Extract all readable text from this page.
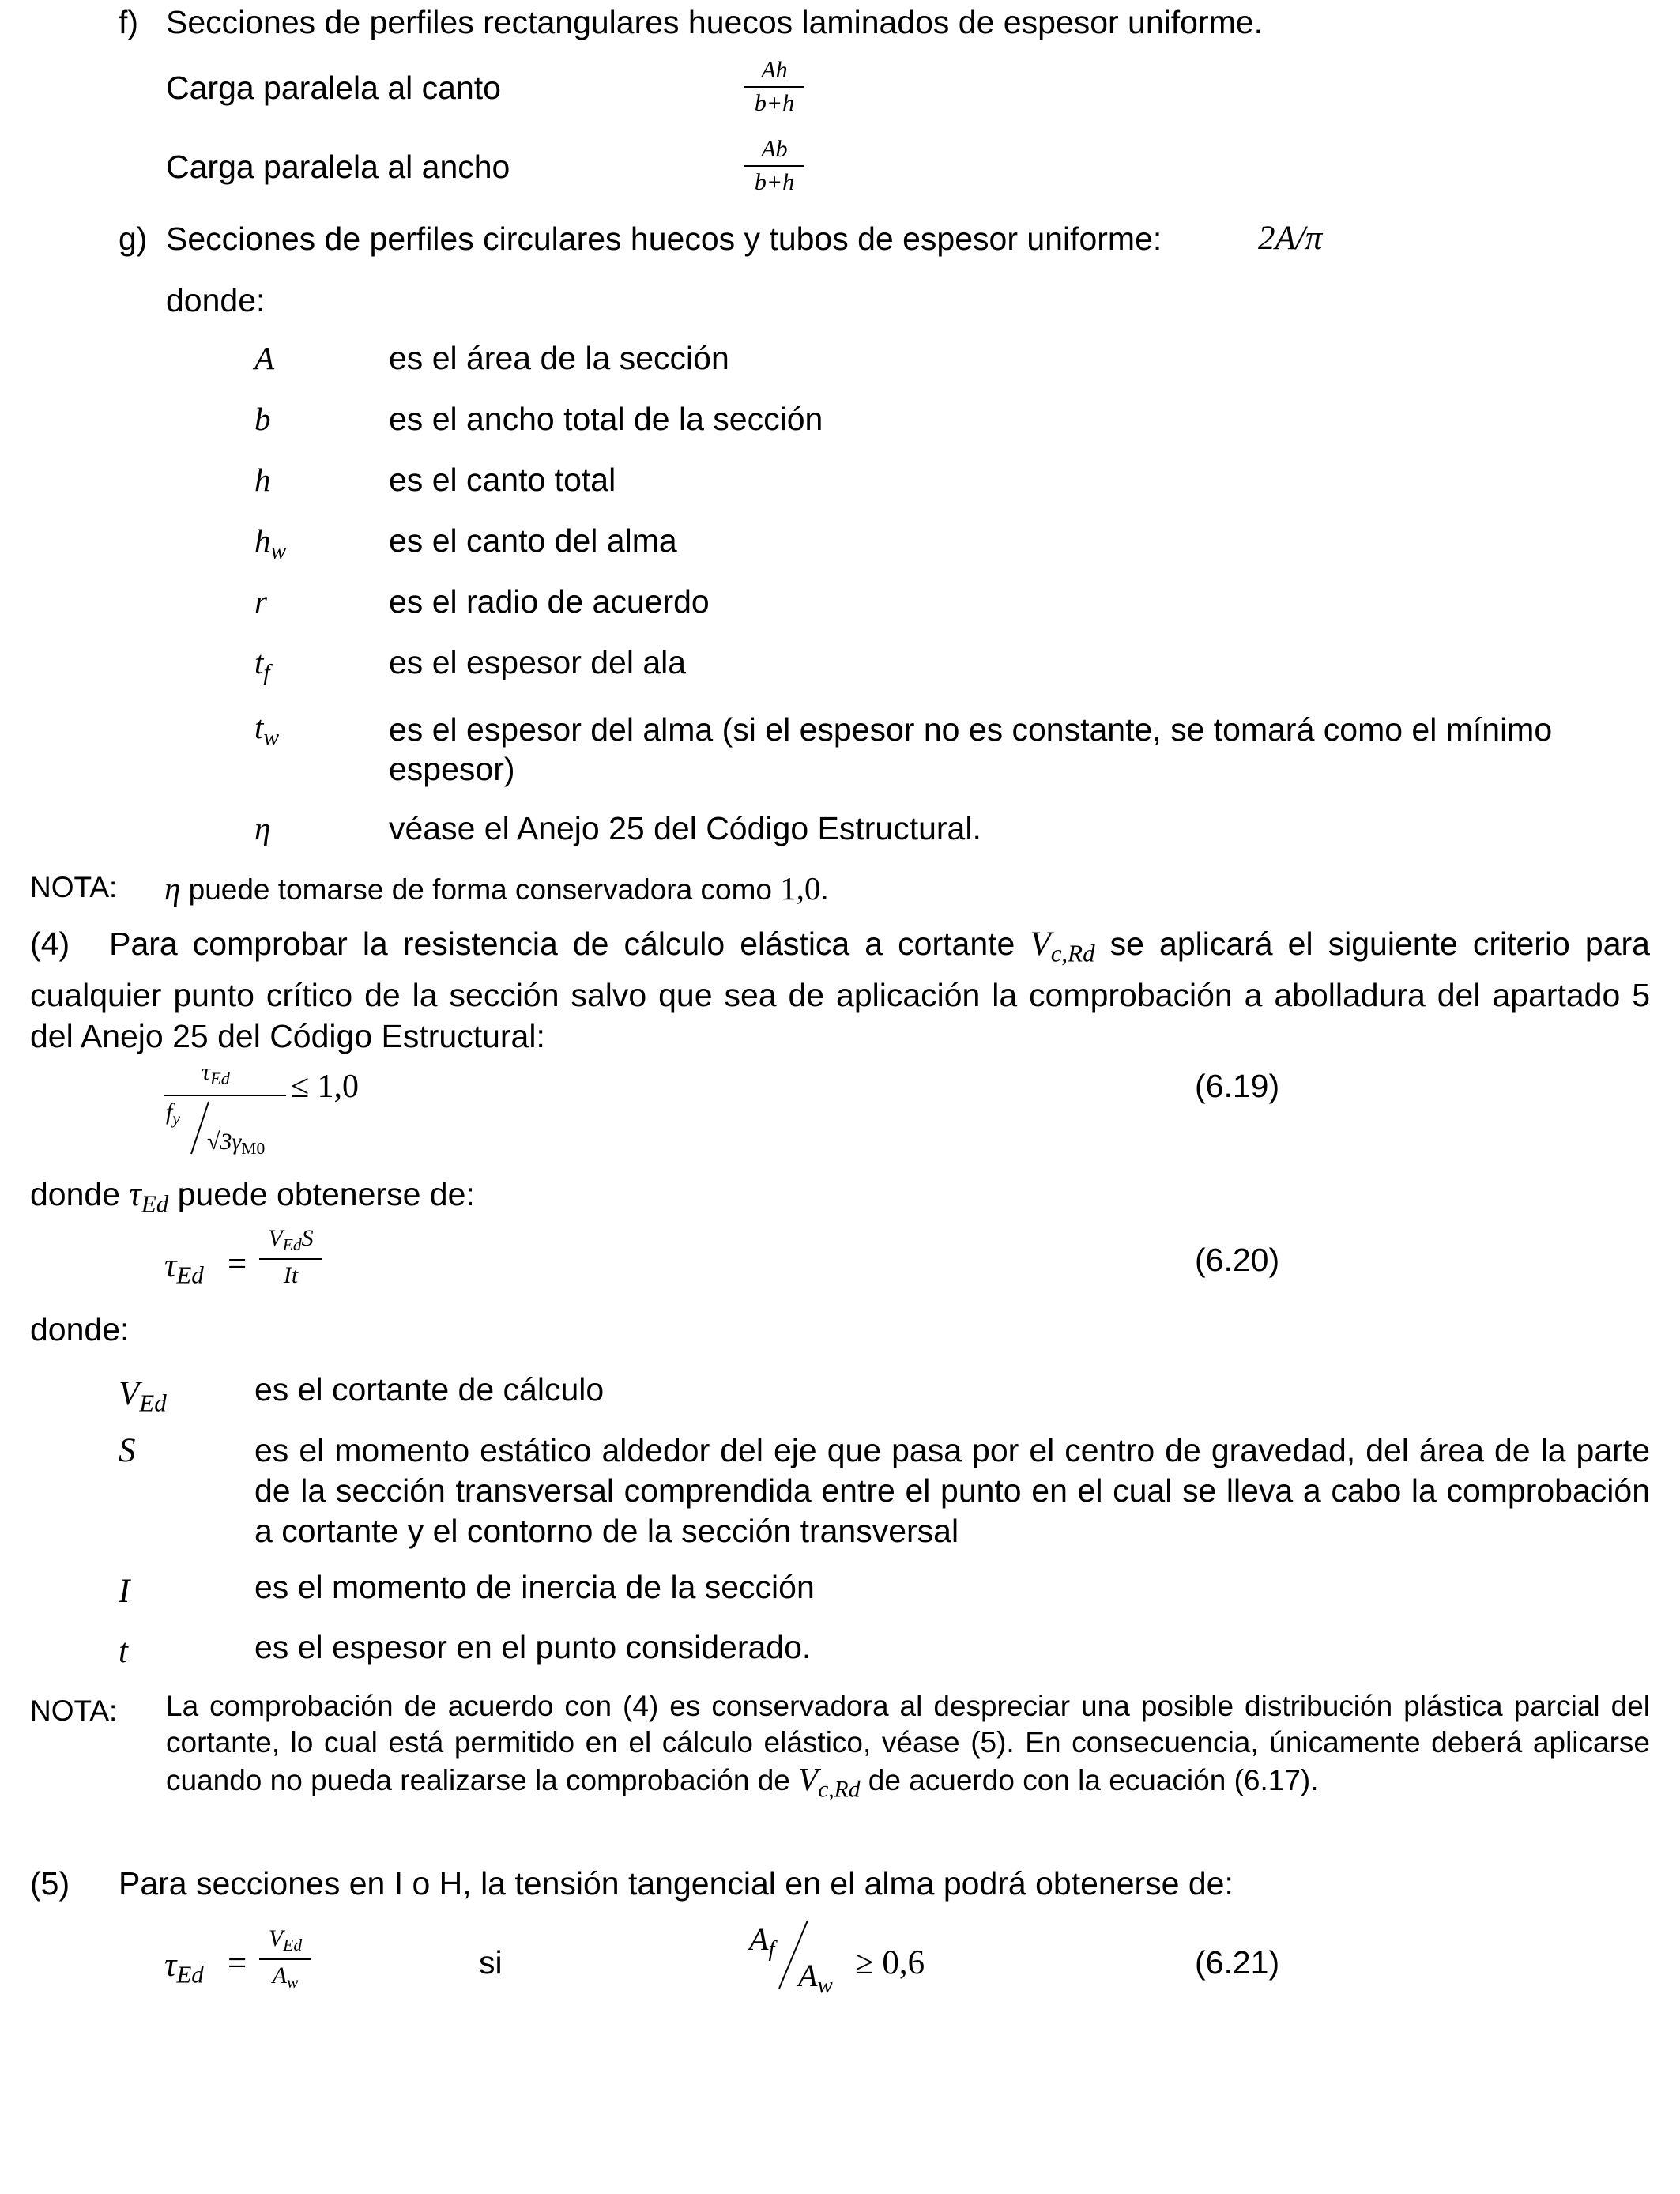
f) Secciones de perfiles rectangulares huecos laminados de espesor uniforme.
Carga paralela al canto	Ah
b+h
Carga paralela al ancho	Ab
b+h
g) Secciones de perfiles circulares huecos y tubos de espesor uniforme:	2A/π
donde:
A	es el área de la sección
b	es el ancho total de la sección
h	es el canto total
$h_w$	es el canto del alma
r	es el radio de acuerdo
$t_f$	es el espesor del ala
$t_w$	es el espesor del alma (si el espesor no es constante, se tomará como el mínimo espesor)
η	véase el Anejo 25 del Código Estructural.
NOTA: η puede tomarse de forma conservadora como 1,0.
(4) Para comprobar la resistencia de cálculo elástica a cortante $V_{c,Rd}$ se aplicará el siguiente criterio para cualquier punto crítico de la sección salvo que sea de aplicación la comprobación a abolladura del apartado 5 del Anejo 25 del Código Estructural:
$\tau_{Ed}$
$f_y$
$√3\gamma_{M0}$
≤ 1,0	(6.19)
donde $\tau_{Ed}$ puede obtenerse de:
$\tau_{Ed}$ =
$V_{Ed}S$
It	(6.20)
donde:
$V_{Ed}$	es el cortante de cálculo
S	es el momento estático aldedor del eje que pasa por el centro de gravedad, del área de la parte de la sección transversal comprendida entre el punto en el cual se lleva a cabo la comprobación a cortante y el contorno de la sección transversal
I	es el momento de inercia de la sección
t	es el espesor en el punto considerado.
NOTA: La comprobación de acuerdo con (4) es conservadora al despreciar una posible distribución plástica parcial del cortante, lo cual está permitido en el cálculo elástico, véase (5). En consecuencia, únicamente deberá aplicarse cuando no pueda realizarse la comprobación de $V_{c,Rd}$ de acuerdo con la ecuación (6.17).
(5) Para secciones en I o H, la tensión tangencial en el alma podrá obtenerse de:
$\tau_{Ed}$ =
$V_{Ed}$
$A_w$
si
$A_f$
$A_w$
≥ 0,6	(6.21)
